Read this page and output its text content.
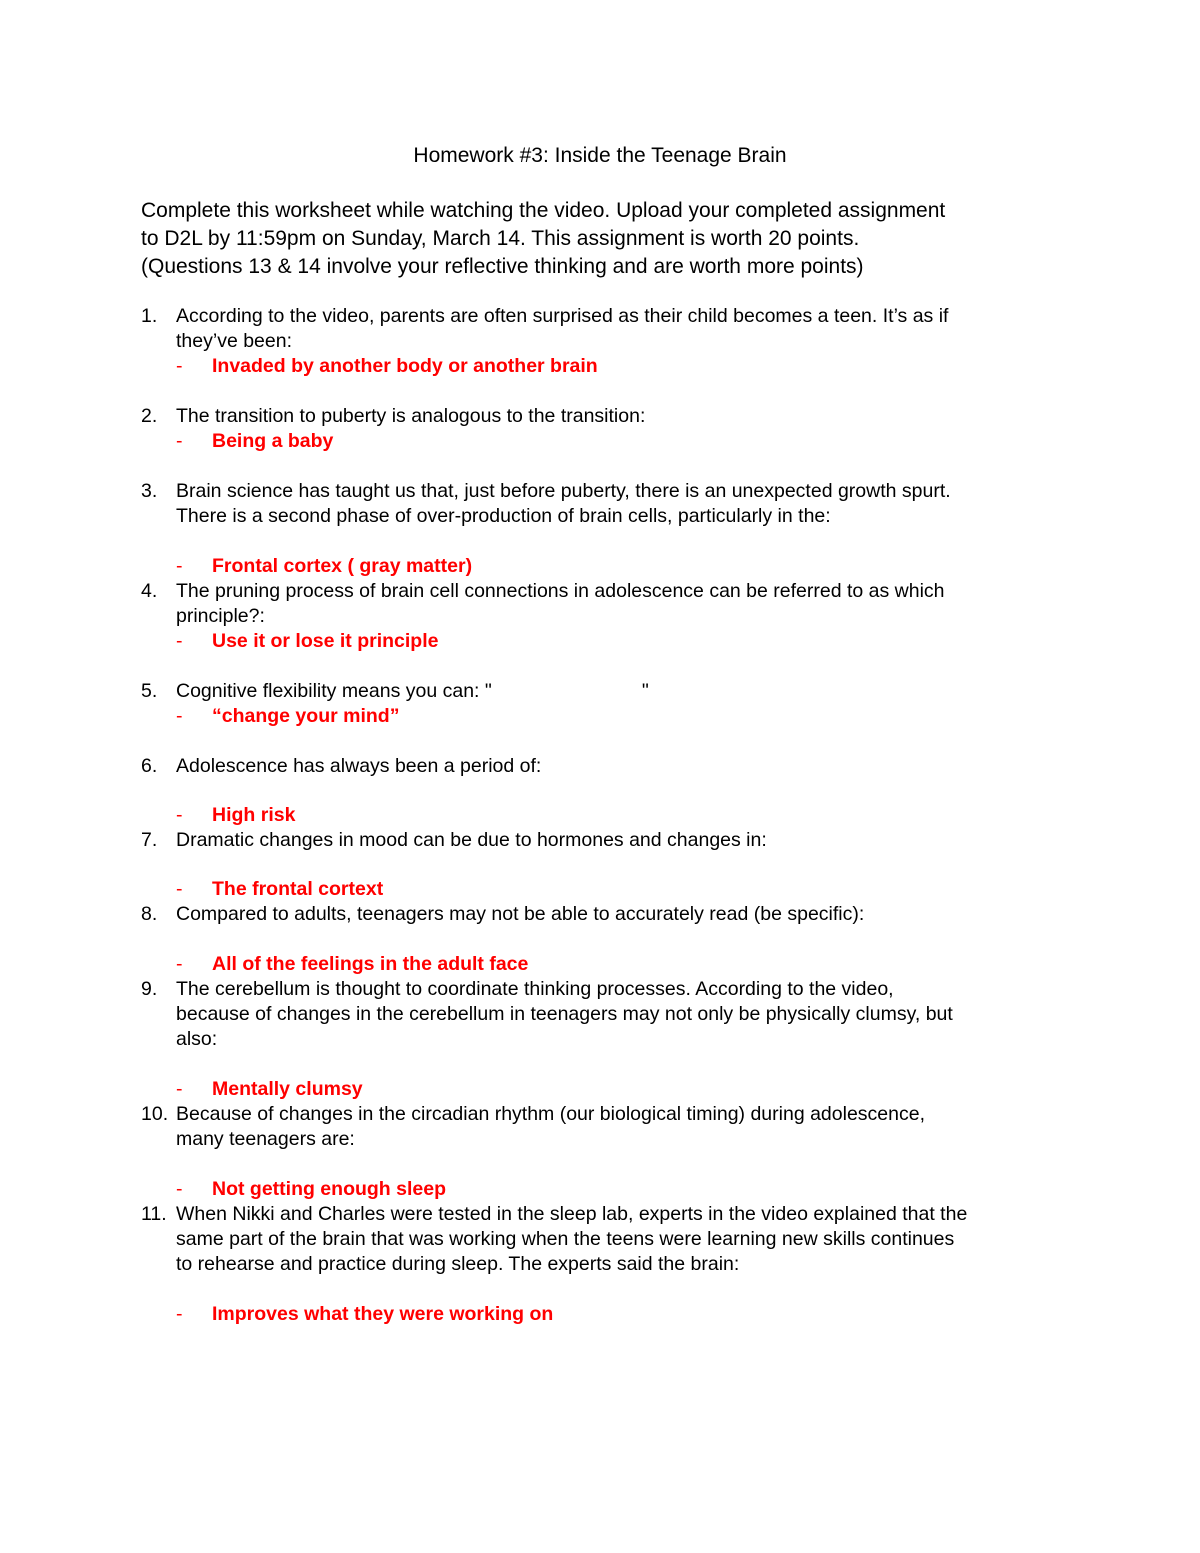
Homework #3: Inside the Teenage Brain
Complete this worksheet while watching the video. Upload your completed assignment
to D2L by 11:59pm on Sunday, March 14. This assignment is worth 20 points.
(Questions 13 & 14 involve your reflective thinking and are worth more points)
1. According to the video, parents are often surprised as their child becomes a teen. It’s as if
they’ve been:
- Invaded by another body or another brain
2. The transition to puberty is analogous to the transition:
- Being a baby
3. Brain science has taught us that, just before puberty, there is an unexpected growth spurt.
There is a second phase of over-production of brain cells, particularly in the:
- Frontal cortex ( gray matter)
4. The pruning process of brain cell connections in adolescence can be referred to as which
principle?:
- Use it or lose it principle
5. Cognitive flexibility means you can: "	"
- “change your mind”
6. Adolescence has always been a period of:
- High risk
7. Dramatic changes in mood can be due to hormones and changes in:
- The frontal cortext
8. Compared to adults, teenagers may not be able to accurately read (be specific):
- All of the feelings in the adult face
9. The cerebellum is thought to coordinate thinking processes. According to the video,
because of changes in the cerebellum in teenagers may not only be physically clumsy, but
also:
- Mentally clumsy
10. Because of changes in the circadian rhythm (our biological timing) during adolescence,
many teenagers are:
- Not getting enough sleep
11. When Nikki and Charles were tested in the sleep lab, experts in the video explained that the
same part of the brain that was working when the teens were learning new skills continues
to rehearse and practice during sleep. The experts said the brain:
- Improves what they were working on
